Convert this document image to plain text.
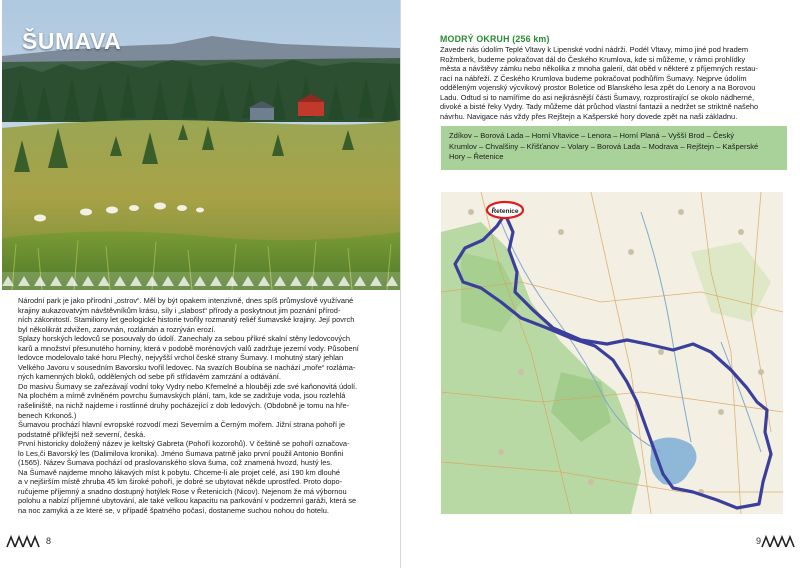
ŠUMAVA

Národní park je jako přírodní „ostrov“. Měl by být opakem intenzivně, dnes spíš průmyslově využívané

krajiny aukazovatvým návštěvníkům krásu, síly i „slabost“ přírody a poskytnout jim poznání přírod-

ních zákonitostí. Stamiliony let geologické historie tvořily rozmanitý reliéf šumavské krajiny. Její povrch

byl několikrát zdvižen, zarovnán, rozlámán a rozrýván erozí.

Splazy horských ledovců se posouvaly do údolí. Zanechaly za sebou příkré skalní stěny ledovcových

karů a množství přesunutého horniny, která v podobě morénových valů zadržuje jezerní vody. Působení

ledovce modelovalo také horu Plechý, nejvyšší vrchol české strany Šumavy. I mohutný starý jehlan

Velkého Javoru v sousedním Bavorsku tvořil ledovec. Na svazích Boubína se nachází „moře“ rozláma-

ných kamenných bloků, oddělených od sebe při střídavém zamrzání a odtávání.

Do masivu Šumavy se zařezávají vodní toky Vydry nebo Křemelné a hlouběji zde své kaňonovitá údolí.

Na plochém a mírně zvlněném povrchu šumavských plání, tam, kde se zadržuje voda, jsou rozlehlá

rašeliniště, na nichž najdeme i rostlinné druhy pocházející z dob ledových. (Obdobně je tomu na hře-

benech Krkonoš.)

Šumavou prochází hlavní evropské rozvodí mezi Severním a Černým mořem. Jižní strana pohoří je

podstatně příkřejší než severní, česká.

První historicky doložený název je keltský Gabreta (Pohoří kozorohů). V češtině se pohoří označova-

lo Les,či Bavorský les (Dalimilova kronika). Jméno Šumava patrně jako první použil Antonio Bonfini

(1565). Název Šumava pochází od praslovanského slova šuma, což znamená hvozd, hustý les.

Na Šumavě najdeme mnoho lákavých míst k pobytu. Chceme-li ale projet celé, asi 190 km dlouhé

a v nejširším místě zhruba 45 km široké pohoří, je dobré se ubytovat někde uprostřed. Proto dopo-

ručujeme příjemný a snadno dostupný hotýlek Rose v Řetenicích (Nicov). Nejenom že má výbornou

polohu a nabízí příjemné ubytování, ale také velkou kapacitu na parkování v podzemní garáži, která se

na noc zamyká a ze které se, v případě špatného počasí, dostaneme suchou nohou do hotelu.

8
MODRÝ OKRUH (256 km)
Zavede nás údolím Teplé Vltavy k Lipenské vodní nádrži. Podél Vltavy, mimo jiné pod hradem
Rožmberk, budeme pokračovat dál do Českého Krumlova, kde si můžeme, v rámci prohlídky
města a návštěvy zámku nebo několika z mnoha galerií, dát oběd v některé z příjemných restau-
rací na nábřeží. Z Českého Krumlova budeme pokračovat podhůřím Šumavy. Nejprve údolím
odděleným vojenský výcvikový prostor Boletice od Blanského lesa zpět do Lenory a na Borovou
Ladu. Odtud si to namíříme do asi nejkrásnější části Šumavy, rozprostírající se okolo nádherné,
divoké a bisté řeky Vydry. Tady můžeme dát průchod vlastní fantazii a nedržet se striktně našeho
návrhu. Navigace nás vždy přes Rejštejn a Kašperské hory dovede zpět na naši základnu.
Zdíkov – Borová Lada – Horní Vltavice – Lenora – Horní Planá – Vyšší Brod – Český
Krumlov – Chvalšiny – Křišťanov – Volary – Borová Lada – Modrava – Rejštejn – Kašperské
Hory – Řetenice
Řetenice
9
